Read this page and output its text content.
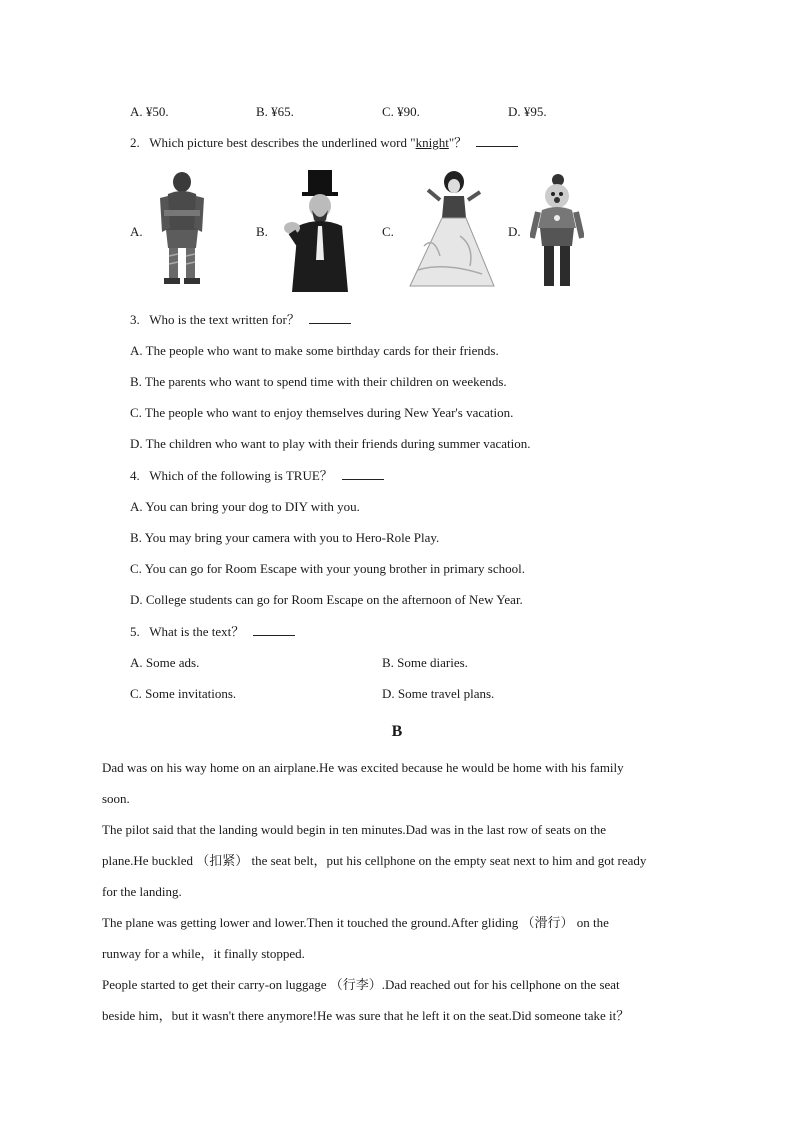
A. ¥50.	B. ¥65.	C. ¥90.	D. ¥95.
2. Which picture best describes the underlined word "knight"？
A.	B.	C.	D.
3. Who is the text written for？
A. The people who want to make some birthday cards for their friends.
B. The parents who want to spend time with their children on weekends.
C. The people who want to enjoy themselves during New Year's vacation.
D. The children who want to play with their friends during summer vacation.
4. Which of the following is TRUE？
A. You can bring your dog to DIY with you.
B. You may bring your camera with you to Hero-Role Play.
C. You can go for Room Escape with your young brother in primary school.
D. College students can go for Room Escape on the afternoon of New Year.
5. What is the text？
A. Some ads.	B. Some diaries.
C. Some invitations.	D. Some travel plans.
B
Dad was on his way home on an airplane.He was excited because he would be home with his family
soon.
The pilot said that the landing would begin in ten minutes.Dad was in the last row of seats on the
plane.He buckled （扣紧） the seat belt，put his cellphone on the empty seat next to him and got ready
for the landing.
The plane was getting lower and lower.Then it touched the ground.After gliding （滑行） on the
runway for a while，it finally stopped.
People started to get their carry-on luggage （行李）.Dad reached out for his cellphone on the seat
beside him，but it wasn't there anymore!He was sure that he left it on the seat.Did someone take it？
